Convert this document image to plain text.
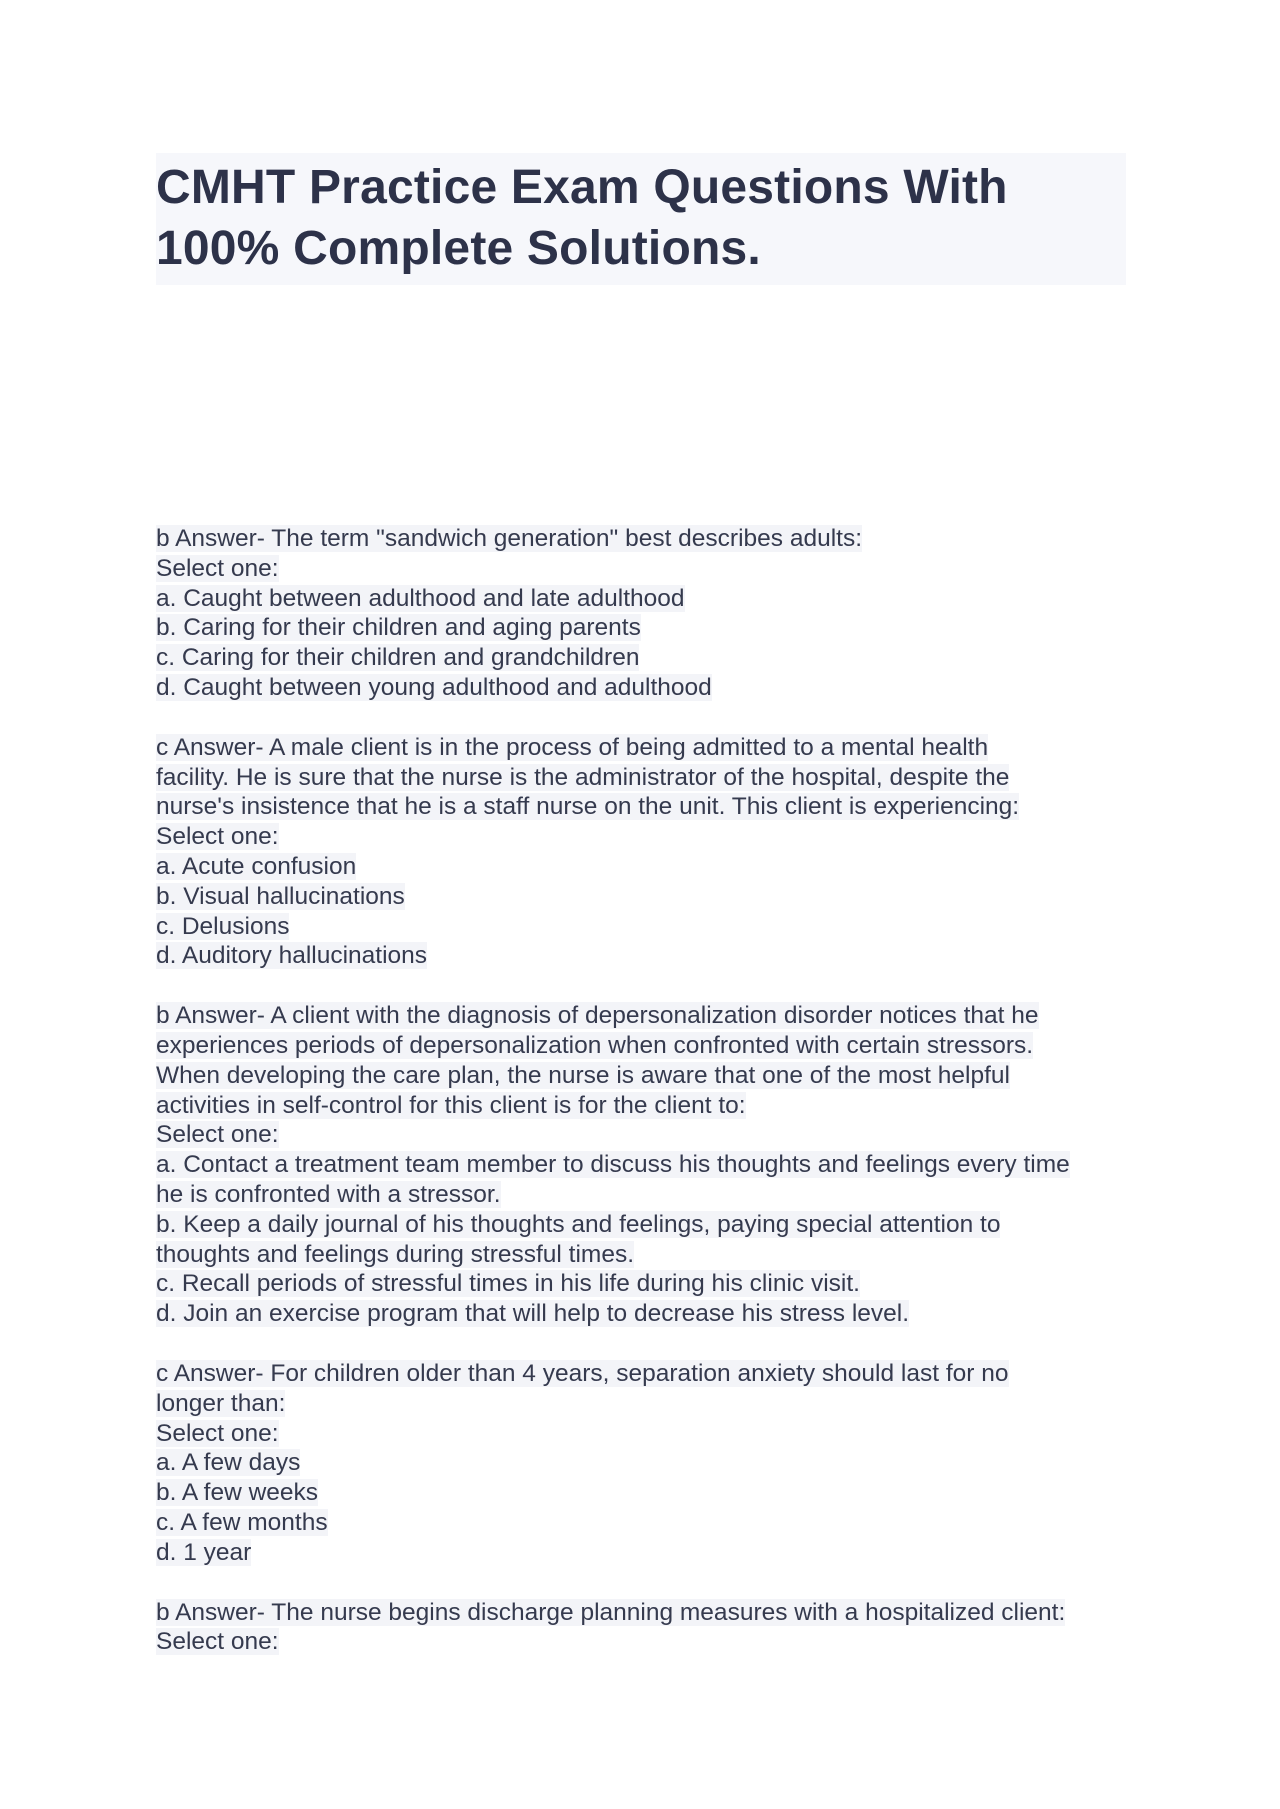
CMHT Practice Exam Questions With
100% Complete Solutions.
b Answer- The term "sandwich generation" best describes adults:
Select one:
a. Caught between adulthood and late adulthood
b. Caring for their children and aging parents
c. Caring for their children and grandchildren
d. Caught between young adulthood and adulthood
c Answer- A male client is in the process of being admitted to a mental health
facility. He is sure that the nurse is the administrator of the hospital, despite the
nurse's insistence that he is a staff nurse on the unit. This client is experiencing:
Select one:
a. Acute confusion
b. Visual hallucinations
c. Delusions
d. Auditory hallucinations
b Answer- A client with the diagnosis of depersonalization disorder notices that he
experiences periods of depersonalization when confronted with certain stressors.
When developing the care plan, the nurse is aware that one of the most helpful
activities in self-control for this client is for the client to:
Select one:
a. Contact a treatment team member to discuss his thoughts and feelings every time
he is confronted with a stressor.
b. Keep a daily journal of his thoughts and feelings, paying special attention to
thoughts and feelings during stressful times.
c. Recall periods of stressful times in his life during his clinic visit.
d. Join an exercise program that will help to decrease his stress level.
c Answer- For children older than 4 years, separation anxiety should last for no
longer than:
Select one:
a. A few days
b. A few weeks
c. A few months
d. 1 year
b Answer- The nurse begins discharge planning measures with a hospitalized client:
Select one:
